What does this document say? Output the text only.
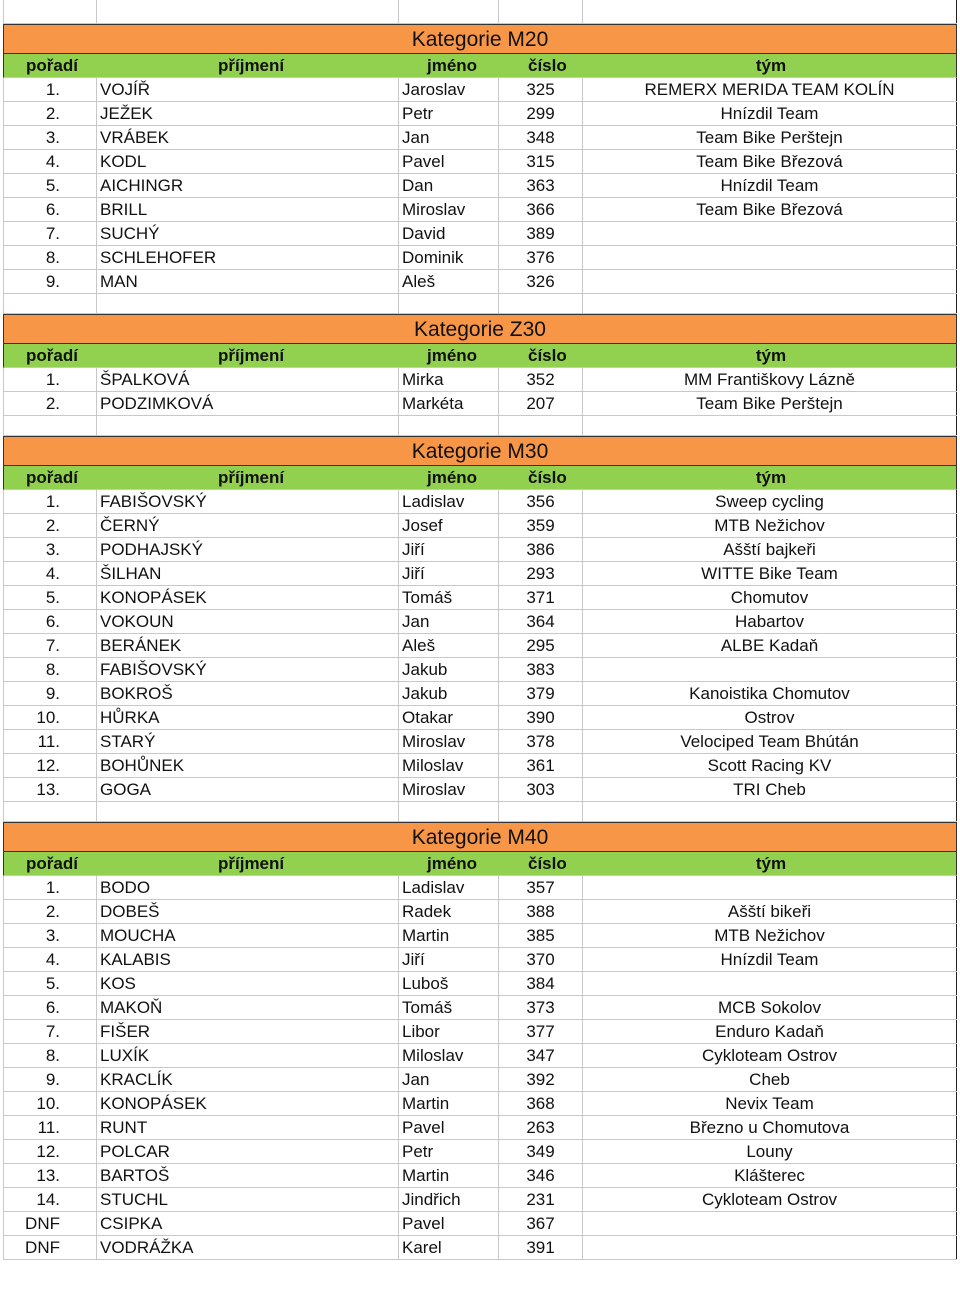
Kategorie M20
pořadí	příjmení	jméno	číslo	tým
1.	VOJÍŘ	Jaroslav	325	REMERX MERIDA TEAM KOLÍN
2.	JEŽEK	Petr	299	Hnízdil Team
3.	VRÁBEK	Jan	348	Team Bike Perštejn
4.	KODL	Pavel	315	Team Bike Březová
5.	AICHINGR	Dan	363	Hnízdil Team
6.	BRILL	Miroslav	366	Team Bike Březová
7.	SUCHÝ	David	389
8.	SCHLEHOFER	Dominik	376
9.	MAN	Aleš	326
Kategorie Z30
pořadí	příjmení	jméno	číslo	tým
1.	ŠPALKOVÁ	Mirka	352	MM Františkovy Lázně
2.	PODZIMKOVÁ	Markéta	207	Team Bike Perštejn
Kategorie M30
pořadí	příjmení	jméno	číslo	tým
1.	FABIŠOVSKÝ	Ladislav	356	Sweep cycling
2.	ČERNÝ	Josef	359	MTB Nežichov
3.	PODHAJSKÝ	Jiří	386	Ašští bajkeři
4.	ŠILHAN	Jiří	293	WITTE Bike Team
5.	KONOPÁSEK	Tomáš	371	Chomutov
6.	VOKOUN	Jan	364	Habartov
7.	BERÁNEK	Aleš	295	ALBE Kadaň
8.	FABIŠOVSKÝ	Jakub	383
9.	BOKROŠ	Jakub	379	Kanoistika Chomutov
10.	HŮRKA	Otakar	390	Ostrov
11.	STARÝ	Miroslav	378	Velociped Team Bhútán
12.	BOHŮNEK	Miloslav	361	Scott Racing KV
13.	GOGA	Miroslav	303	TRI Cheb
Kategorie M40
pořadí	příjmení	jméno	číslo	tým
1.	BODO	Ladislav	357
2.	DOBEŠ	Radek	388	Ašští bikeři
3.	MOUCHA	Martin	385	MTB Nežichov
4.	KALABIS	Jiří	370	Hnízdil Team
5.	KOS	Luboš	384
6.	MAKOŇ	Tomáš	373	MCB Sokolov
7.	FIŠER	Libor	377	Enduro Kadaň
8.	LUXÍK	Miloslav	347	Cykloteam Ostrov
9.	KRACLÍK	Jan	392	Cheb
10.	KONOPÁSEK	Martin	368	Nevix Team
11.	RUNT	Pavel	263	Březno u Chomutova
12.	POLCAR	Petr	349	Louny
13.	BARTOŠ	Martin	346	Klášterec
14.	STUCHL	Jindřich	231	Cykloteam Ostrov
DNF	CSIPKA	Pavel	367
DNF	VODRÁŽKA	Karel	391
